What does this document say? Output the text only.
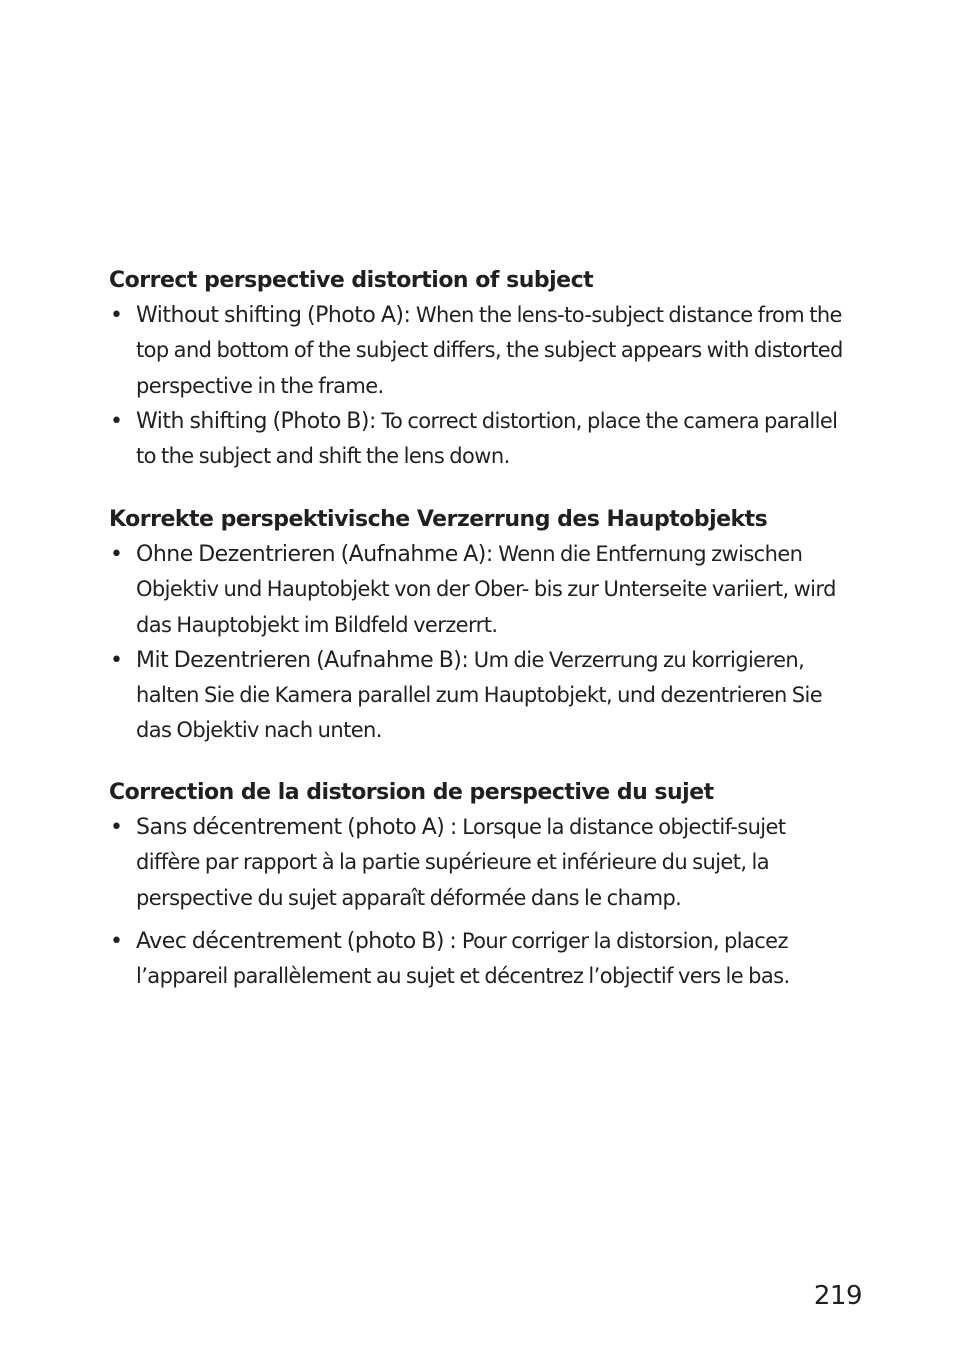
Correct perspective distortion of subject
• Without shifting (Photo A): When the lens-to-subject distance from the top and bottom of the subject differs, the subject appears with distorted perspective in the frame.
• With shifting (Photo B): To correct distortion, place the camera parallel to the subject and shift the lens down.
Korrekte perspektivische Verzerrung des Hauptobjekts
• Ohne Dezentrieren (Aufnahme A): Wenn die Entfernung zwischen Objektiv und Hauptobjekt von der Ober- bis zur Unterseite variiert, wird das Hauptobjekt im Bildfeld verzerrt.
• Mit Dezentrieren (Aufnahme B): Um die Verzerrung zu korrigieren, halten Sie die Kamera parallel zum Hauptobjekt, und dezentrieren Sie das Objektiv nach unten.
Correction de la distorsion de perspective du sujet
• Sans décentrement (photo A) : Lorsque la distance objectif-sujet diffère par rapport à la partie supérieure et inférieure du sujet, la perspective du sujet apparaît déformée dans le champ.
• Avec décentrement (photo B) : Pour corriger la distorsion, placez l’appareil parallèlement au sujet et décentrez l’objectif vers le bas.
219
